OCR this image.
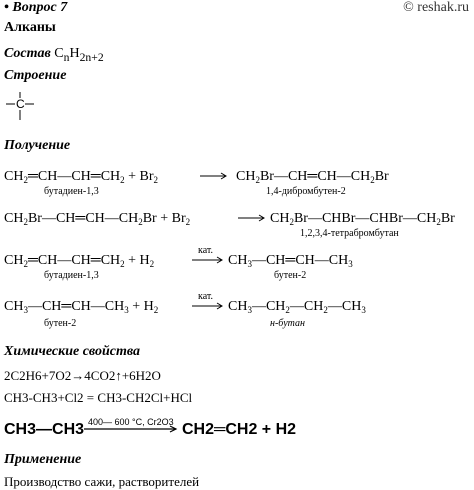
• Вопрос 7	© reshak.ru
Алканы
Состав $C_nH_{2n+2}$
Строение
C
Получение
$CH_2═CH—CH═CH_2 + Br_2$	$CH_2Br—CH═CH—CH_2Br$
бутадиен-1,3	1,4-дибромбутен-2
$CH_2Br—CH═CH—CH_2Br + Br_2$	$CH_2Br—CHBr—CHBr—CH_2Br$
1,2,3,4-тетрабромбутан
$CH_2═CH—CH═CH_2 + H_2$
кат.
$CH_3—CH═CH—CH_3$
бутадиен-1,3	бутен-2
$CH_3—CH═CH—CH_3 + H_2$
кат.
$CH_3—CH_2—CH_2—CH_3$
бутен-2	н-бутан
Химические свойства
2C2H6+7O2→4CO2↑+6H2O
CH3-CH3+Cl2 = CH3-CH2Cl+HCl
CH3—CH3 400— 600 °C, Cr2O3 CH2═CH2 + H2
Применение
Производство сажи, растворителей
